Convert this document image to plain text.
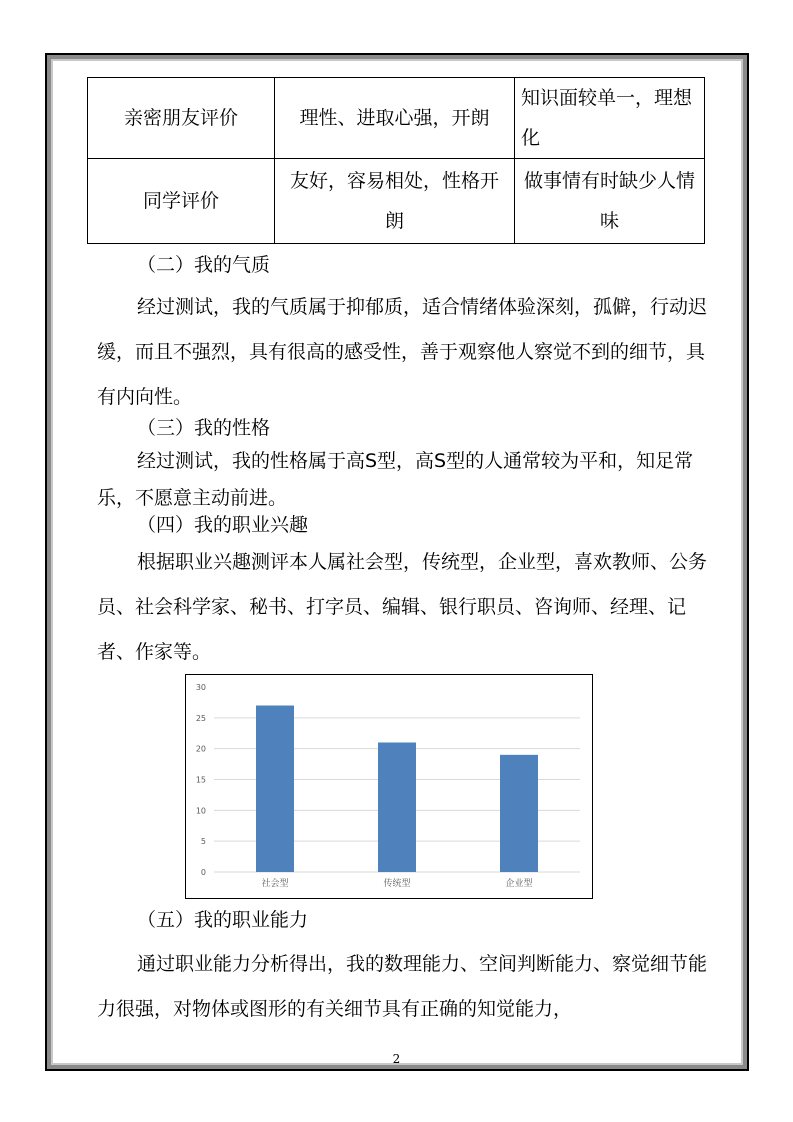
亲密朋友评价	理性、进取心强，开朗	知识面较单一，理想化
同学评价	友好，容易相处，性格开朗	做事情有时缺少人情味
（二）我的气质
经过测试，我的气质属于抑郁质，适合情绪体验深刻，孤僻，行动迟缓，而且不强烈，具有很高的感受性，善于观察他人察觉不到的细节，具有内向性。
（三）我的性格
经过测试，我的性格属于高S型，高S型的人通常较为平和，知足常乐，不愿意主动前进。
（四）我的职业兴趣
根据职业兴趣测评本人属社会型，传统型，企业型，喜欢教师、公务员、社会科学家、秘书、打字员、编辑、银行职员、咨询师、经理、记者、作家等。
0
5
10
15
20
25
30
社会型	传统型	企业型
（五）我的职业能力
通过职业能力分析得出，我的数理能力、空间判断能力、察觉细节能力很强，对物体或图形的有关细节具有正确的知觉能力，
2
